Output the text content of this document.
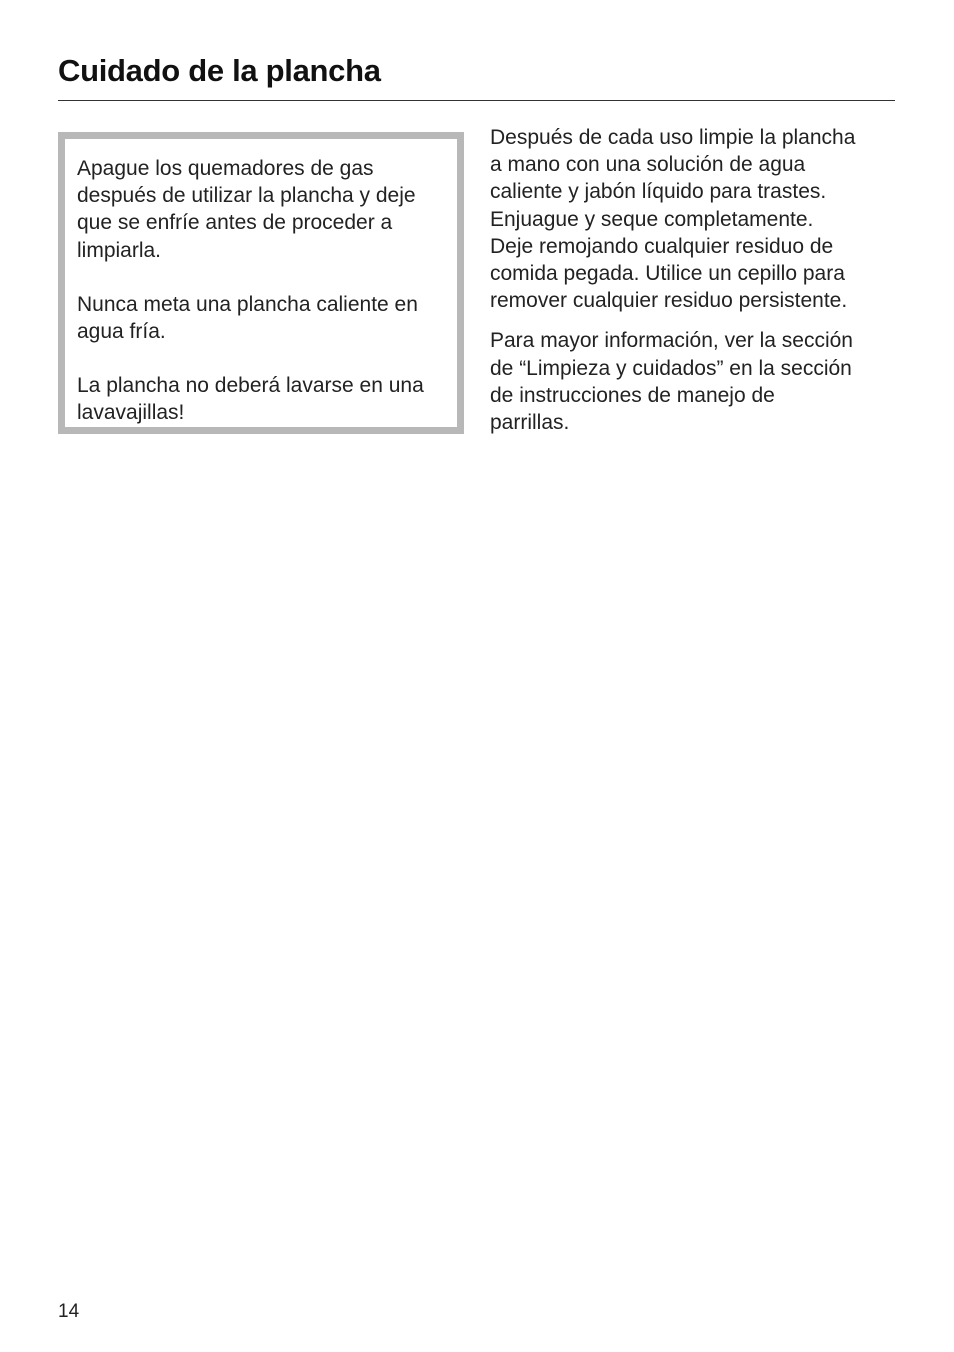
Cuidado de la plancha

Apague los quemadores de gas después de utilizar la plancha y deje que se enfríe antes de proceder a limpiarla.

Nunca meta una plancha caliente en agua fría.

La plancha no deberá lavarse en una lavavajillas!

Después de cada uso limpie la plancha
a mano con una solución de agua
caliente y jabón líquido para trastes.
Enjuague y seque completamente.
Deje remojando cualquier residuo de
comida pegada. Utilice un cepillo para
remover cualquier residuo persistente.

Para mayor información, ver la sección
de “Limpieza y cuidados” en la sección
de instrucciones de manejo de
parrillas.

14
